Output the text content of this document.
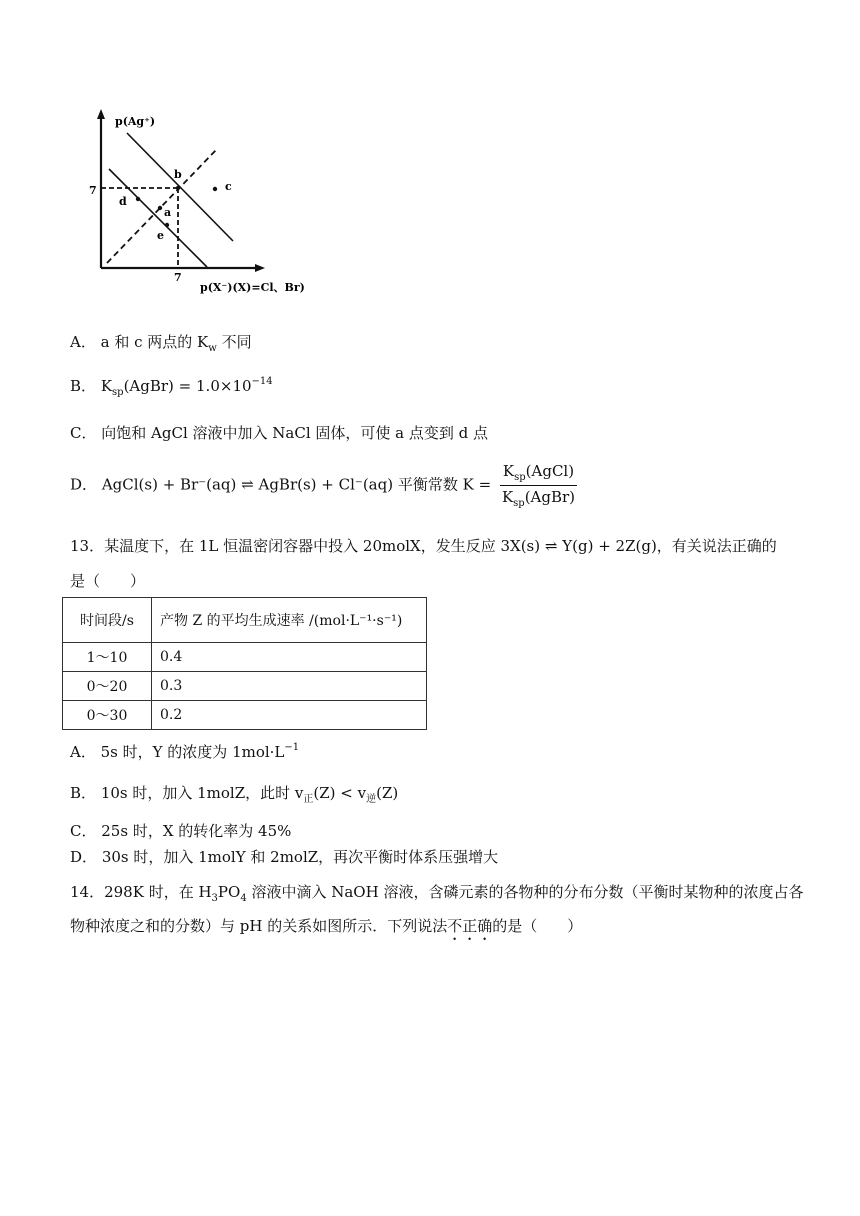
p(Ag⁺)
p(X⁻)(X)=Cl、Br)
7
7
b
c
d
a
e
A． a 和 c 两点的 $K_w$ 不同
B． $K_{sp}(AgBr) = 1.0\times 10^{-14}$
C． 向饱和 AgCl 溶液中加入 NaCl 固体，可使 a 点变到 d 点
D． AgCl(s) + Br⁻(aq) ⇌ AgBr(s) + Cl⁻(aq) 平衡常数 $K = \frac{K_{sp}(AgCl)}{K_{sp}(AgBr)}$
13．某温度下，在 1L 恒温密闭容器中投入 20molX，发生反应 3X(s) ⇌ Y(g) + 2Z(g)，有关说法正确的
是（　　）
时间段/s	产物 Z 的平均生成速率 /(mol·L⁻¹·s⁻¹)
1～10	0.4
0～20	0.3
0～30	0.2
A． 5s 时，Y 的浓度为 $1mol\cdot L^{-1}$
B． 10s 时，加入 1molZ，此时 $v_正(Z) < v_逆(Z)$
C． 25s 时，X 的转化率为 45%
D． 30s 时，加入 1molY 和 2molZ，再次平衡时体系压强增大
14．298K 时，在 $H_3PO_4$ 溶液中滴入 NaOH 溶液，含磷元素的各物种的分布分数（平衡时某物种的浓度占各
物种浓度之和的分数）与 pH 的关系如图所示．下列说法不正确的是（　　）
